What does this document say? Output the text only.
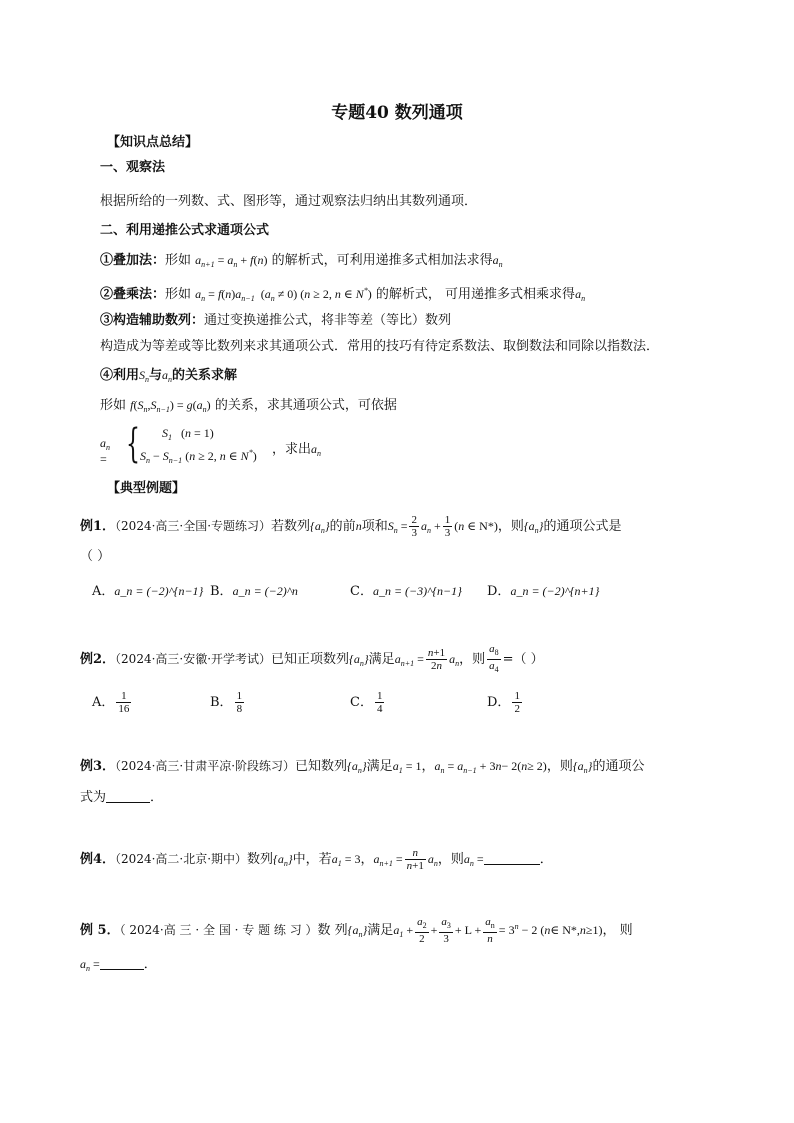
专题40 数列通项
【知识点总结】
一、观察法
根据所给的一列数、式、图形等，通过观察法归纳出其数列通项．
二、利用递推公式求通项公式
①叠加法：形如 $a_{n+1} = a_n + f(n)$ 的解析式，可利用递推多式相加法求得$a_n$
②叠乘法：形如 $a_n = f(n)a_{n-1}$ $(a_n \ne 0) (n \ge 2$, n ∈ N*) 的解析式， 可用递推多式相乘求得$a_n$
③构造辅助数列：通过变换递推公式，将非等差（等比）数列
构造成为等差或等比数列来求其通项公式．常用的技巧有待定系数法、取倒数法和同除以指数法．
④利用$S_n$与$a_n$的关系求解
形如 $f(S_n,S_{n-1}) = g(a_n)$ 的关系，求其通项公式，可依据
$a_n$ = { $S_1$ (n = 1)
$S_n - S_{n-1}$ (n ≥ 2, n ∈ N*) ，求出$a_n$
【典型例题】
例1．（2024·高三·全国·专题练习）若数列$\{a_n\}$的前n项和$S_n = \frac{2}{3} a_n + \frac{1}{3} (n$ ∈ N*)，则$\{a_n\}$的通项公式是
（ ）
A．a_n = (−2)^{n−1} B．a_n = (−2)^n	C．a_n = (−3)^{n−1} D．a_n = (−2)^{n+1}
例2．（2024·高三·安徽·开学考试）已知正项数列$\{a_n\}$满足$a_{n+1} = \frac{n+1}{2n} a_n$，则 $\frac{a_8}{a_4}$ =（ ）
A． $\frac{1}{16}$	B． $\frac{1}{8}$	C． $\frac{1}{4}$	D． $\frac{1}{2}$
例3．（2024·高三·甘肃平凉·阶段练习）已知数列$\{a_n\}$满足$a_1 = 1$，$a_n = a_{n-1} + 3n- 2(n\ge 2)$，则$\{a_n\}$的通项公
式为	．
例4．（2024·高二·北京·期中）数列$\{a_n\}$中，若$a_1 = 3$，$a_{n+1} = \frac{n}{n+1} a_n$，则$a_n$ =	．
例 5．（ 2024·高 三 · 全 国 · 专 题 练 习 ）数 列$\{a_n\}$满足$a_1 + \frac{a_2}{2} + \frac{a_3}{3} + L + \frac{a_n}{n} = 3^n - 2$ (n∈ N*,n≥1)， 则
$a_n$ =	．
